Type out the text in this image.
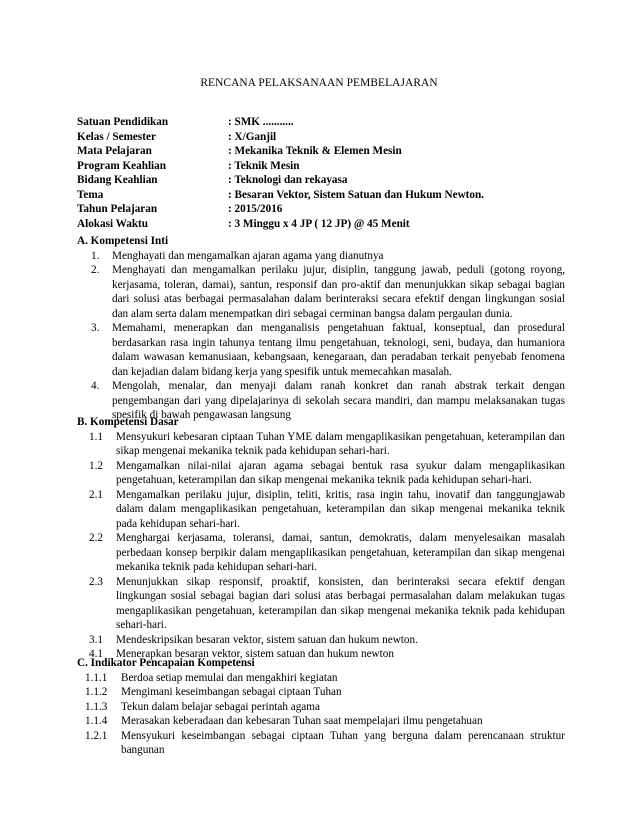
RENCANA PELAKSANAAN PEMBELAJARAN
Satuan Pendidikan	: SMK ...........
Kelas / Semester	: X/Ganjil
Mata Pelajaran	: Mekanika Teknik & Elemen Mesin
Program Keahlian	: Teknik Mesin
Bidang Keahlian	: Teknologi dan rekayasa
Tema	: Besaran Vektor, Sistem Satuan dan Hukum Newton.
Tahun Pelajaran	: 2015/2016
Alokasi Waktu	: 3 Minggu x 4 JP ( 12 JP) @ 45 Menit
A. Kompetensi Inti
1.	Menghayati dan mengamalkan ajaran agama yang dianutnya
2.	Menghayati dan mengamalkan perilaku jujur, disiplin, tanggung jawab, peduli (gotong royong, kerjasama, toleran, damai), santun, responsif dan pro-aktif dan menunjukkan sikap sebagai bagian dari solusi atas berbagai permasalahan dalam berinteraksi secara efektif dengan lingkungan sosial dan alam serta dalam menempatkan diri sebagai cerminan bangsa dalam pergaulan dunia.
3.	Memahami, menerapkan dan menganalisis pengetahuan faktual, konseptual, dan prosedural berdasarkan rasa ingin tahunya tentang ilmu pengetahuan, teknologi, seni, budaya, dan humaniora dalam wawasan kemanusiaan, kebangsaan, kenegaraan, dan peradaban terkait penyebab fenomena dan kejadian dalam bidang kerja yang spesifik untuk memecahkan masalah.
4.	Mengolah, menalar, dan menyaji dalam ranah konkret dan ranah abstrak terkait dengan pengembangan dari yang dipelajarinya di sekolah secara mandiri, dan mampu melaksanakan tugas spesifik di bawah pengawasan langsung
B. Kompetensi Dasar
1.1	Mensyukuri kebesaran ciptaan Tuhan YME dalam mengaplikasikan pengetahuan, keterampilan dan sikap mengenai mekanika teknik pada kehidupan sehari-hari.
1.2	Mengamalkan nilai-nilai ajaran agama sebagai bentuk rasa syukur dalam mengaplikasikan pengetahuan, keterampilan dan sikap mengenai mekanika teknik pada kehidupan sehari-hari.
2.1	Mengamalkan perilaku jujur, disiplin, teliti, kritis, rasa ingin tahu, inovatif dan tanggungjawab dalam dalam mengaplikasikan pengetahuan, keterampilan dan sikap mengenai mekanika teknik pada kehidupan sehari-hari.
2.2	Menghargai kerjasama, toleransi, damai, santun, demokratis, dalam menyelesaikan masalah perbedaan konsep berpikir dalam mengaplikasikan pengetahuan, keterampilan dan sikap mengenai mekanika teknik pada kehidupan sehari-hari.
2.3	Menunjukkan sikap responsif, proaktif, konsisten, dan berinteraksi secara efektif dengan lingkungan sosial sebagai bagian dari solusi atas berbagai permasalahan dalam melakukan tugas mengaplikasikan pengetahuan, keterampilan dan sikap mengenai mekanika teknik pada kehidupan sehari-hari.
3.1	Mendeskripsikan besaran vektor, sistem satuan dan hukum newton.
4.1	Menerapkan besaran vektor, sistem satuan dan hukum newton
C. Indikator Pencapaian Kompetensi
1.1.1	Berdoa setiap memulai dan mengakhiri kegiatan
1.1.2	Mengimani keseimbangan sebagai ciptaan Tuhan
1.1.3	Tekun dalam belajar sebagai perintah agama
1.1.4	Merasakan keberadaan dan kebesaran Tuhan saat mempelajari ilmu pengetahuan
1.2.1	Mensyukuri keseimbangan sebagai ciptaan Tuhan yang berguna dalam perencanaan struktur bangunan
